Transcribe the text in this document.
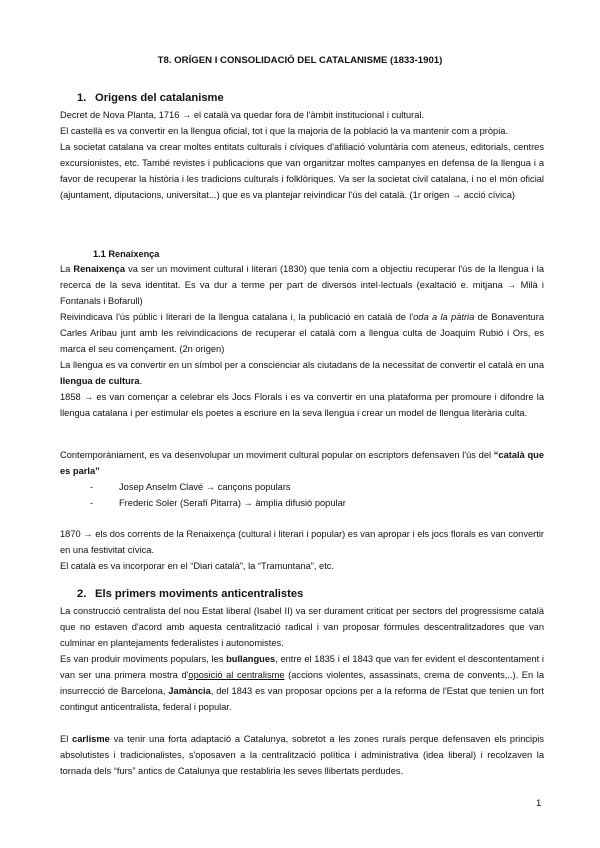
T8. ORÍGEN I CONSOLIDACIÓ DEL CATALANISME (1833-1901)
1. Origens del catalanisme

Decret de Nova Planta, 1716 → el català va quedar fora de l'àmbit institucional i cultural.

El castellà es va convertir en la llengua oficial, tot i que la majoria de la població la va mantenir com a pròpia.

La societat catalana va crear moltes entitats culturals i cíviques d'afiliació voluntària com ateneus, editorials, centres excursionistes, etc. També revistes i publicacions que van organitzar moltes campanyes en defensa de la llengua i a favor de recuperar la història i les tradicions culturals i folklòriques. Va ser la societat civil catalana, i no el món oficial (ajuntament, diputacions, universitat...) que es va plantejar reivindicar l'ús del català. (1r origen → acció cívica)

1.1 Renaixença

La Renaixença va ser un moviment cultural i literari (1830) que tenia com a objectiu recuperar l'ús de la llengua i la recerca de la seva identitat. Es va dur a terme per part de diversos intel·lectuals (exaltació e. mitjana → Milà i Fontanals i Bofarull)

Reivindicava l'ús públic i literari de la llengua catalana i, la publicació en català de l'oda a la pàtria de Bonaventura Carles Aribau junt amb les reivindicacions de recuperar el català com a llengua culta de Joaquim Rubió i Ors, es marca el seu començament. (2n origen)

La llengua es va convertir en un símbol per a conscienciar als ciutadans de la necessitat de convertir el català en una llengua de cultura.

1858 → es van començar a celebrar els Jocs Florals i es va convertir en una plataforma per promoure i difondre la llengua catalana i per estimular els poetes a escriure en la seva llengua i crear un model de llengua literària culta.

Contemporàniament, es va desenvolupar un moviment cultural popular on escriptors defensaven l'ús del “català que es parla”

-	Josep Anselm Clavé → cançons populars
-	Frederic Soler (Serafí Pitarra) → àmplia difusió popular

1870 → els dos corrents de la Renaixença (cultural i literari i popular) es van apropar i els jocs florals es van convertir en una festivitat cívica.

El català es va incorporar en el “Diari català”, la “Tramuntana”, etc.

2. Els primers moviments anticentralistes

La construcció centralista del nou Estat liberal (Isabel II) va ser durament criticat per sectors del progressisme català que no estaven d'acord amb aquesta centralització radical i van proposar fórmules descentralitzadores que van culminar en plantejaments federalistes i autonomistes.

Es van produir moviments populars, les bullangues, entre el 1835 i el 1843 que van fer evident el descontentament i van ser una primera mostra d'oposició al centralisme (accions violentes, assassinats, crema de convents,..). En la insurrecció de Barcelona, Jamància, del 1843 es van proposar opcions per a la reforma de l'Estat que tenien un fort contingut anticentralista, federal i popular.

El carlisme va tenir una forta adaptació a Catalunya, sobretot a les zones rurals perque defensaven els principis absolutistes i tradicionalistes, s'oposaven a la centralització política i administrativa (idea liberal) i recolzaven la tornada dels “furs” antics de Catalunya que restabliria les seves llibertats perdudes.

1
